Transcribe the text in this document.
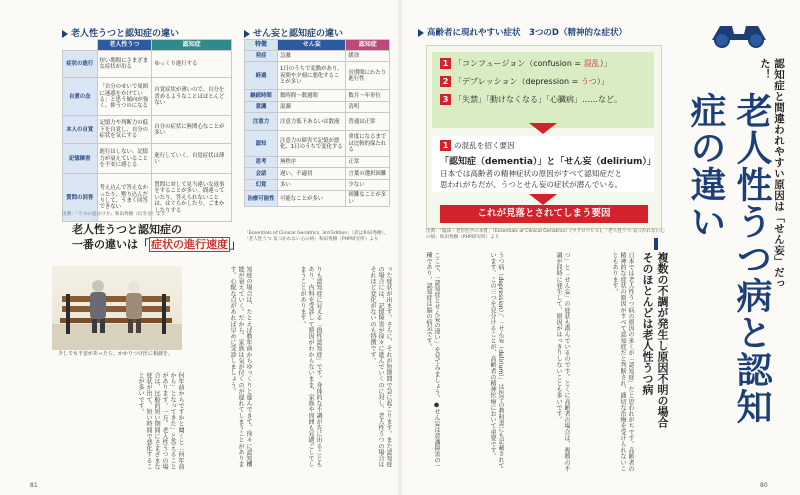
老人性うつと認知症の違い
	老人性うつ	認知症
症状の進行	短い期間にさまざまな症状が出る	ゆっくり進行する
自責の念	「自分のせいで周囲に迷惑をかけている」と思う傾向が強く、抑うつのになる	自覚症状が薄いので、自分を責めるようなことはほとんどない
本人の自覚	記憶力や判断力の低下を自覚し、自分の症状を気にする	自分の症状に無関心なことが多い
記憶障害	進行はしない。記憶力が衰えていることを不安に感じる	進行していく。自覚症状は薄い
質問の回答	考え込んで答えなかったり、黙り込んだりして、うまく回答できない	質問に対して見当違いな返事をすることが多い。間違っていたり、答えられないことは、はぐらかしたり、ごまかしたりする
出典：「うつの見分け方」和田秀樹（幻冬舎）より
せん妄と認知症の違い
特徴	せん妄	認知症
発症	急激	緩徐
経過	1日のうちで変動があり、夜間や夕刻に悪化することが多い	長期間にわたり進行性
継続時間	数時間〜数週間	数月〜年単位
意識	混濁	清明
注意力	注意力低下あるいは散漫	普通は正常
認知	注意力の障害で記憶が悪化、1日のうちで変化する	重度になるまでは比較的保たれる
思考	無秩序	正常
会話	遅い、不適切	言葉の選択困難
幻覚	多い	少ない
治療可能性	可能なことが多い	困難なことが多い
「Essentials of Clinical Geriatrics, 3rd Edition」（訳は和田秀樹）、「老人性うつ 気づかれない心の病」和田秀樹（PHP研究所）より
老人性うつと認知症の
一番の違いは「 症状の進行速度 」
少しでも不安があったら、かかりつけ医に相談を。
何年前からですかと聞くと「何年前から」となってきた」と答えることがあります。一方、老人性うつの場合は、比較的短い期間にさまざまな症状が出て、短い時間で悪化することが多いです。	知症の場合は、たとえば数年前からゆっくりと進んできて、徐々に認知機能が衰えていく。だから、家族は気が付くのが遅れてしまうことがあります。心配な点があれば早めに受診しましょう。	りも認知症に見える「偽性認知症」です。身体的な不調が先に出ることもあり、内科を受診して原因がわからないまま、家族や周囲も見過ごしてしまうことがあります。	った症状が出ます。さらに、それが短期間で急に起こります。また認知症の場合には、記憶障害が徐々に進んでいくのに対し、老人性うつの場合はそれほど変化がないのも特徴です。
81
高齢者に現れやすい症状　3つのD（精神的な症状）
1 「コンフュージョン（confusion = 混乱）」
2 「デプレッション（depression = うつ）」
3 「失禁」「動けなくなる」「心臓病」……など。
1 の混乱を招く要因
「認知症（dementia）」と「せん妄（delirium）」
日本では高齢者の精神症状の原因がすべて認知症だと
思われがちだが、うつとせん妄の症状が潜んでいる。
これが見落とされてしまう要因
出典：「臨床・老年医学の本質」（Essentials of Clinical Geriatrics）(マグロウヒル)、「老人性うつ 気づかれない心の病」和田秀樹（PHP研究所）より	認知症と間違われやすい原因は「せん妄」だった！
老人性うつ病と認知症の違い
複数の不調が発生し原因不明の場合
そのほとんどは老人性うつ病
日本では老人性うつ病の原因の多くが「認知症」だと思われがちです。高齢者の精神的な症状の原因がすべて認知症だと判断され、適切な治療を受けられないこともあります。
つ」と「せん妄」の症状も潜んでいるのです。とくに高齢者の場合は、複数の不調が同時に発生して、原因がはっきりしないことも多いです。
うつ病（depression）」、「せん妄（delirium）」は医学の教科書にも記載されています。この三つを見分けることが、高齢者の精神医療において重要です。
ここで、「認知症とせん妄の違い」を見てみましょう。●せん妄は意識障害の一種であり、認知症は脳の病気です。
80
